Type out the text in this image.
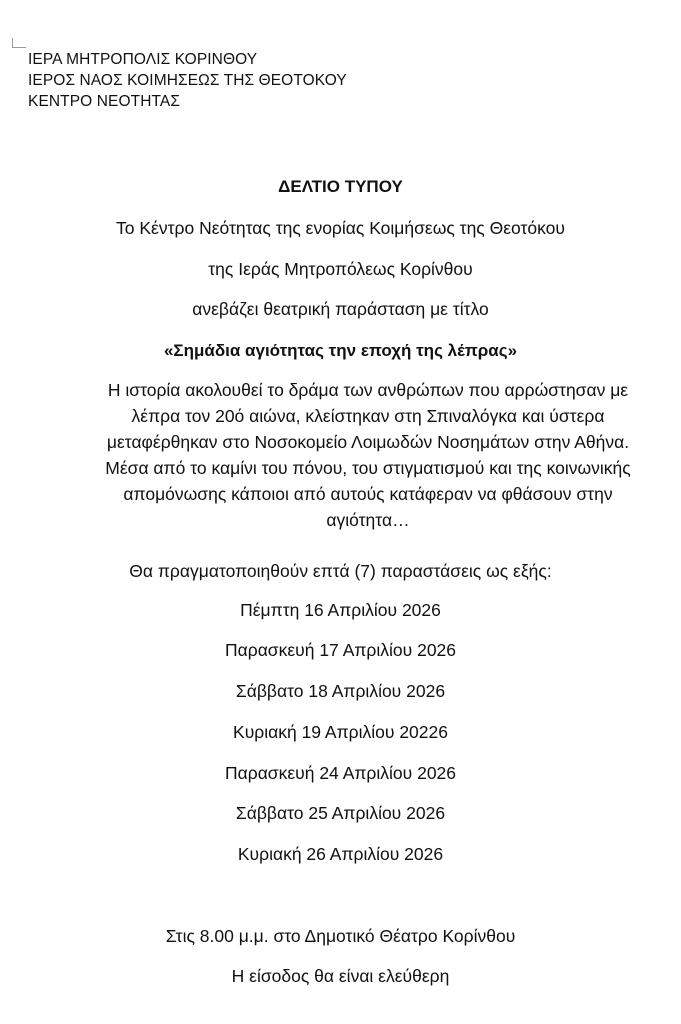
ΙΕΡΑ ΜΗΤΡΟΠΟΛΙΣ ΚΟΡΙΝΘΟΥ
ΙΕΡΟΣ ΝΑΟΣ ΚΟΙΜΗΣΕΩΣ ΤΗΣ ΘΕΟΤΟΚΟΥ
ΚΕΝΤΡΟ ΝΕΟΤΗΤΑΣ
ΔΕΛΤΙΟ ΤΥΠΟΥ
Το Κέντρο Νεότητας της ενορίας Κοιμήσεως της Θεοτόκου
της Ιεράς Μητροπόλεως Κορίνθου
ανεβάζει θεατρική παράσταση με τίτλο
«Σημάδια αγιότητας την εποχή της λέπρας»
Η ιστορία ακολουθεί το δράμα των ανθρώπων που αρρώστησαν με
λέπρα τον 20ό αιώνα, κλείστηκαν στη Σπιναλόγκα και ύστερα
μεταφέρθηκαν στο Νοσοκομείο Λοιμωδών Νοσημάτων στην Αθήνα.
Μέσα από το καμίνι του πόνου, του στιγματισμού και της κοινωνικής
απομόνωσης κάποιοι από αυτούς κατάφεραν να φθάσουν στην
αγιότητα…
Θα πραγματοποιηθούν επτά (7) παραστάσεις ως εξής:
Πέμπτη 16 Απριλίου 2026
Παρασκευή 17 Απριλίου 2026
Σάββατο 18 Απριλίου 2026
Κυριακή 19 Απριλίου 20226
Παρασκευή 24 Απριλίου 2026
Σάββατο 25 Απριλίου 2026
Κυριακή 26 Απριλίου 2026
Στις 8.00 μ.μ. στο Δημοτικό Θέατρο Κορίνθου
Η είσοδος θα είναι ελεύθερη
